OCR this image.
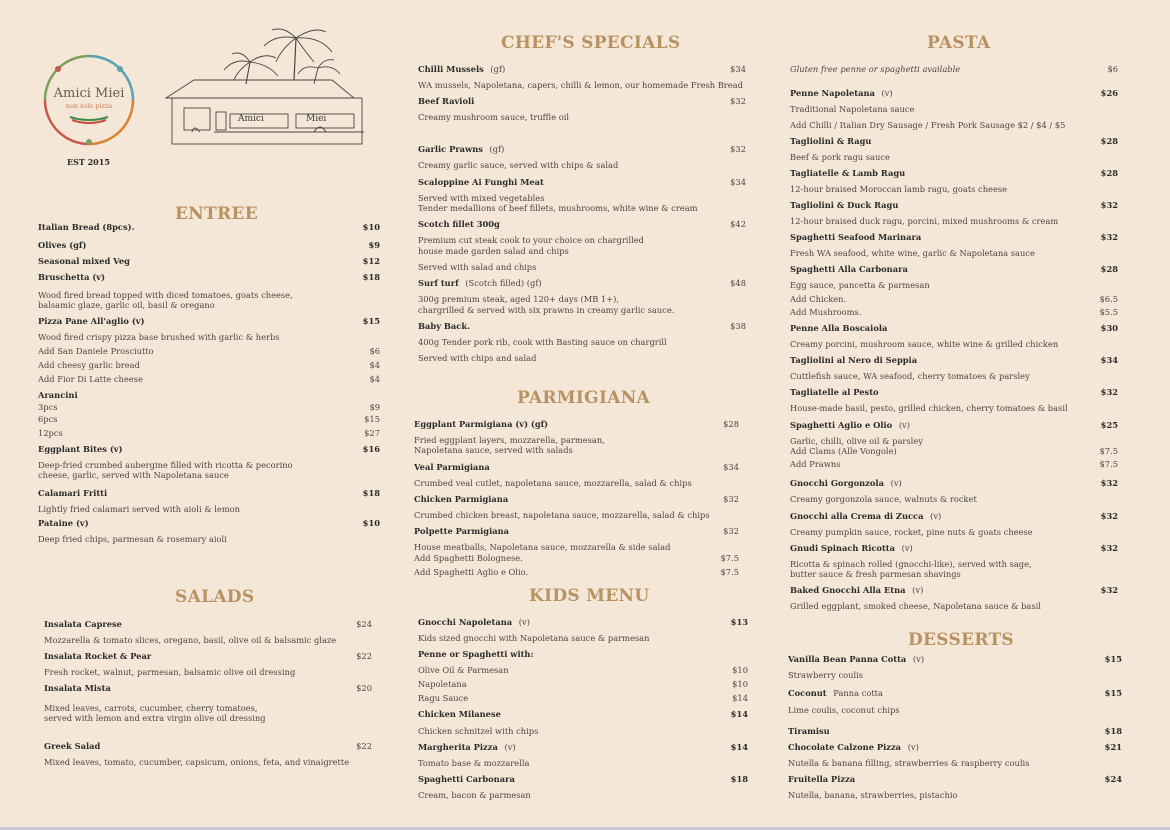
Amici Miei
non solo pizza
EST 2015
Amici	Miei
ENTREE
Italian Bread (8pcs).	$10
Olives (gf)	$9
Seasonal mixed Veg	$12
Bruschetta (v)	$18
Wood fired bread topped with diced tomatoes, goats cheese,
balsamic glaze, garlic oil, basil & oregano
Pizza Pane All'aglio (v)	$15
Wood fired crispy pizza base brushed with garlic & herbs
Add San Daniele Prosciutto	$6
Add cheesy garlic bread	$4
Add Fior Di Latte cheese	$4
Arancini
3pcs	$9
6pcs	$15
12pcs	$27
Eggplant Bites (v)	$16
Deep-fried crumbed aubergine filled with ricotta & pecorino
cheese, garlic, served with Napoletana sauce
Calamari Fritti	$18
Lightly fried calamari served with aioli & lemon
Pataine (v)	$10
Deep fried chips, parmesan & rosemary aioli
SALADS
Insalata Caprese	$24
Mozzarella & tomato slices, oregano, basil, olive oil & balsamic glaze
Insalata Rocket & Pear	$22
Fresh rocket, walnut, parmesan, balsamic olive oil dressing
Insalata Mista	$20
Mixed leaves, carrots, cucumber, cherry tomatoes,
served with lemon and extra virgin olive oil dressing
Greek Salad	$22
Mixed leaves, tomato, cucumber, capsicum, onions, feta, and vinaigrette
CHEF'S SPECIALS
Chilli Mussels (gf)	$34
WA mussels, Napoletana, capers, chilli & lemon, our homemade Fresh Bread
Beef Ravioli	$32
Creamy mushroom sauce, truffle oil
Garlic Prawns (gf)	$32
Creamy garlic sauce, served with chips & salad
Scaloppine Ai Funghi Meat	$34
Served with mixed vegetables
Tender medallions of beef fillets, mushrooms, white wine & cream
Scotch fillet 300g	$42
Premium cut steak cook to your choice on chargrilled
house made garden salad and chips
Served with salad and chips
Surf turf (Scotch filled) (gf)	$48
300g premium steak, aged 120+ days (MB 1+),
chargrilled & served with six prawns in creamy garlic sauce.
Baby Back.	$38
400g Tender pork rib, cook with Basting sauce on chargrill
Served with chips and salad
PARMIGIANA
Eggplant Parmigiana (v) (gf)	$28
Fried eggplant layers, mozzarella, parmesan,
Napoletana sauce, served with salads
Veal Parmigiana	$34
Crumbed veal cutlet, napoletana sauce, mozzarella, salad & chips
Chicken Parmigiana	$32
Crumbed chicken breast, napoletana sauce, mozzarella, salad & chips
Polpette Parmigiana	$32
House meatballs, Napoletana sauce, mozzarella & side salad
Add Spaghetti Bolognese.	$7.5
Add Spaghetti Aglio e Olio.	$7.5
KIDS MENU
Gnocchi Napoletana (v)	$13
Kids sized gnocchi with Napoletana sauce & parmesan
Penne or Spaghetti with:
Olive Oil & Parmesan	$10
Napoletana	$10
Ragu Sauce	$14
Chicken Milanese	$14
Chicken schnitzel with chips
Margherita Pizza (v)	$14
Tomato base & mozzarella
Spaghetti Carbonara	$18
Cream, bacon & parmesan
PASTA
Gluten free penne or spaghetti available	$6
Penne Napoletana (v)	$26
Traditional Napoletana sauce
Add Chilli / Italian Dry Sausage / Fresh Pork Sausage $2 / $4 / $5
Tagliolini & Ragu	$28
Beef & pork ragu sauce
Tagliatelle & Lamb Ragu	$28
12-hour braised Moroccan lamb ragu, goats cheese
Tagliolini & Duck Ragu	$32
12-hour braised duck ragu, porcini, mixed mushrooms & cream
Spaghetti Seafood Marinara	$32
Fresh WA seafood, white wine, garlic & Napoletana sauce
Spaghetti Alla Carbonara	$28
Egg sauce, pancetta & parmesan
Add Chicken.	$6.5
Add Mushrooms.	$5.5
Penne Alla Boscaiola	$30
Creamy porcini, mushroom sauce, white wine & grilled chicken
Tagliolini al Nero di Seppia	$34
Cuttlefish sauce, WA seafood, cherry tomatoes & parsley
Tagliatelle al Pesto	$32
House-made basil, pesto, grilled chicken, cherry tomatoes & basil
Spaghetti Aglio e Olio (v)	$25
Garlic, chilli, olive oil & parsley
Add Clams (Alle Vongole)	$7.5
Add Prawns	$7.5
Gnocchi Gorgonzola (v)	$32
Creamy gorgonzola sauce, walnuts & rocket
Gnocchi alla Crema di Zucca (v)	$32
Creamy pumpkin sauce, rocket, pine nuts & goats cheese
Gnudi Spinach Ricotta (v)	$32
Ricotta & spinach rolled (gnocchi-like), served with sage,
butter sauce & fresh parmesan shavings
Baked Gnocchi Alla Etna (v)	$32
Grilled eggplant, smoked cheese, Napoletana sauce & basil
DESSERTS
Vanilla Bean Panna Cotta (v)	$15
Strawberry coulis
Coconut Panna cotta	$15
Lime coulis, coconut chips
Tiramisu	$18
Chocolate Calzone Pizza (v)	$21
Nutella & banana filling, strawberries & raspberry coulis
Fruitella Pizza	$24
Nutella, banana, strawberries, pistachio
